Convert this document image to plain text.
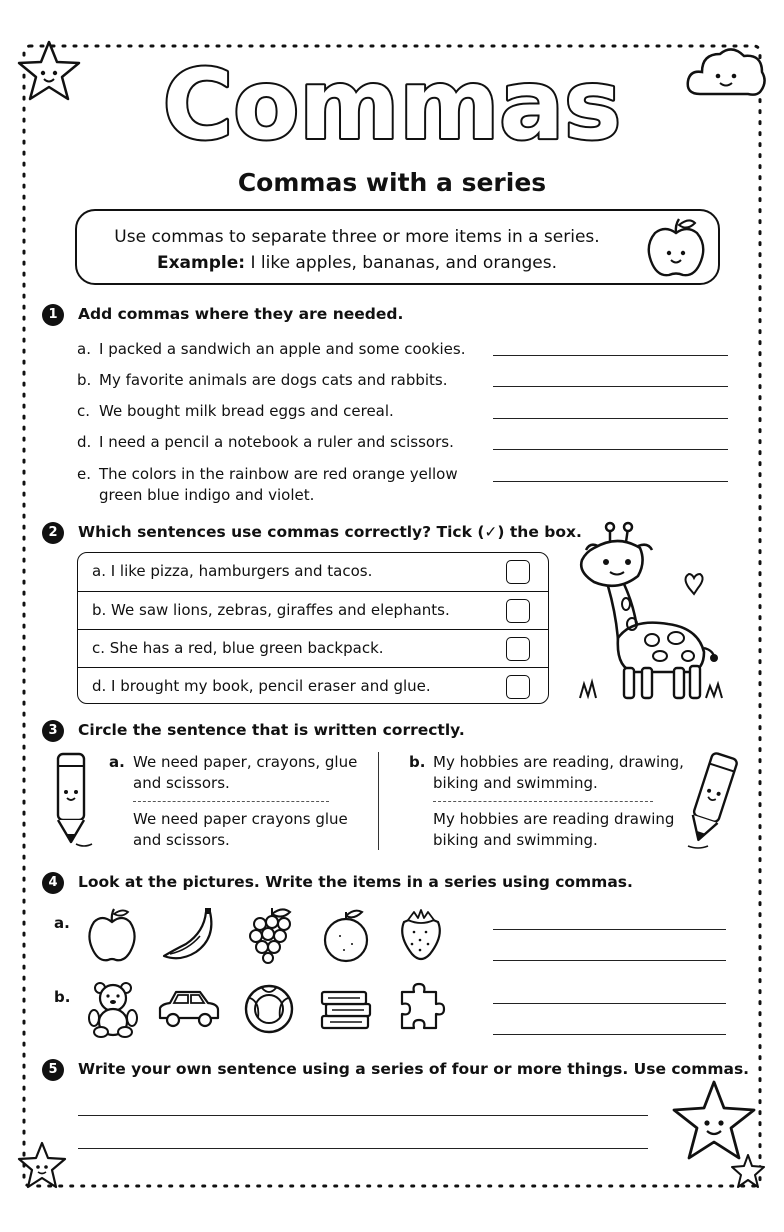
Commas
Commas with a series
Use commas to separate three or more items in a series.
Example: I like apples, bananas, and oranges.
1	Add commas where they are needed.
a. I packed a sandwich an apple and some cookies.
b. My favorite animals are dogs cats and rabbits.
c. We bought milk bread eggs and cereal.
d. I need a pencil a notebook a ruler and scissors.
e. The colors in the rainbow are red orange yellow
green blue indigo and violet.
2	Which sentences use commas correctly? Tick (✓) the box.
a. I like pizza, hamburgers and tacos.
b. We saw lions, zebras, giraffes and elephants.
c. She has a red, blue green backpack.
d. I brought my book, pencil eraser and glue.
3	Circle the sentence that is written correctly.
a. We need paper, crayons, glue
and scissors.
We need paper crayons glue
and scissors.
b. My hobbies are reading, drawing,
biking and swimming.
My hobbies are reading drawing
biking and swimming.
4	Look at the pictures. Write the items in a series using commas.
a.
b.
5	Write your own sentence using a series of four or more things. Use commas.
